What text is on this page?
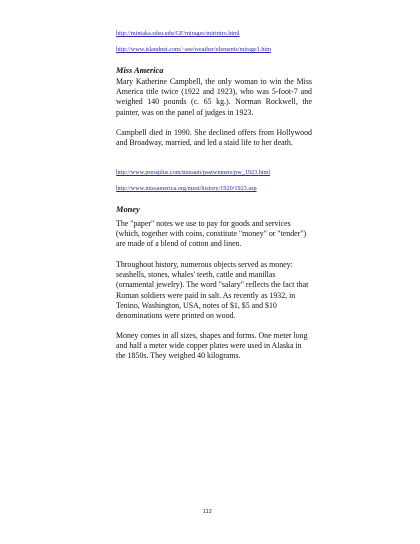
http://mintaka.sdsu.edu/GF/mirages/mirintro.html
http://www.islandnet.com/~see/weather/elements/mirage1.htm
Miss America

Mary Katherine Campbell, the only woman to win the Miss America title twice (1922 and 1923), who was 5-foot-7 and weighed 140 pounds (c. 65 kg.). Norman Rockwell, the painter, was on the panel of judges in 1923.

Campbell died in 1990. She declined offers from Hollywood and Broadway, married, and led a staid life to her death.

http://www.pressplus.com/missam/pastwinners/pw_1923.html
http://www.missamerica.org/meet/history/1920/1923.asp
Money

The "paper" notes we use to pay for goods and services (which, together with coins, constitute "money" or "tender") are made of a blend of cotton and linen.

Throughout history, numerous objects served as money: seashells, stones, whales' teeth, cattle and manillas (ornamental jewelry). The word "salary" reflects the fact that Roman soldiers were paid in salt. As recently as 1932, in Tenino, Washington, USA, notes of $1, $5 and $10 denominations were printed on wood.

Money comes in all sizes, shapes and forms. One meter long and half a meter wide copper plates were used in Alaska in the 1850s. They weighed 40 kilograms.

112
